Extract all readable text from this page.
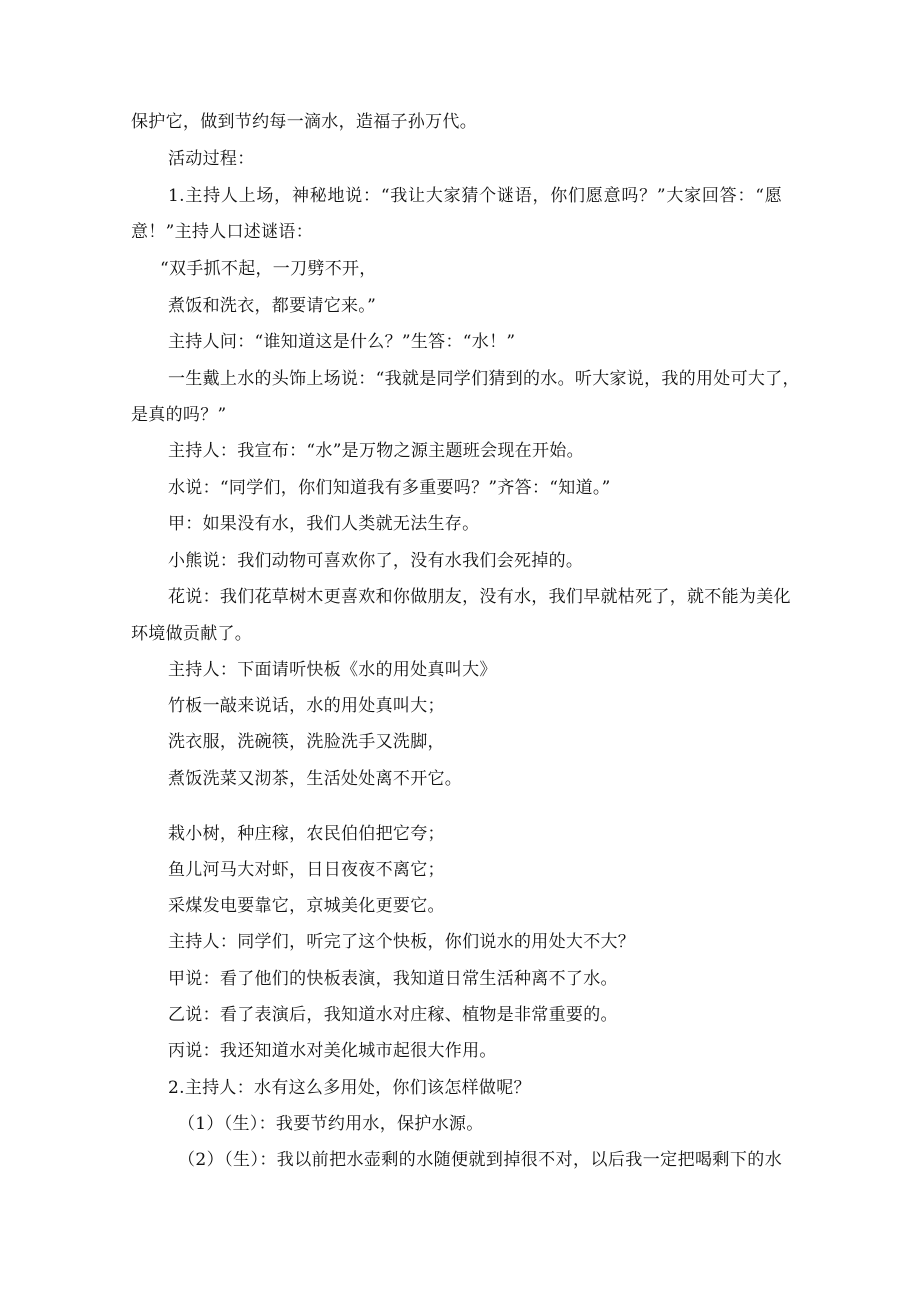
保护它，做到节约每一滴水，造福子孙万代。
活动过程：
1.主持人上场，神秘地说：“我让大家猜个谜语，你们愿意吗？”大家回答：“愿
意！”主持人口述谜语：
“双手抓不起，一刀劈不开，
煮饭和洗衣，都要请它来。”
主持人问：“谁知道这是什么？”生答：“水！”
一生戴上水的头饰上场说：“我就是同学们猜到的水。听大家说，我的用处可大了，
是真的吗？”
主持人：我宣布：“水”是万物之源主题班会现在开始。
水说：“同学们，你们知道我有多重要吗？”齐答：“知道。”
甲：如果没有水，我们人类就无法生存。
小熊说：我们动物可喜欢你了，没有水我们会死掉的。
花说：我们花草树木更喜欢和你做朋友，没有水，我们早就枯死了，就不能为美化
环境做贡献了。
主持人：下面请听快板《水的用处真叫大》
竹板一敲来说话，水的用处真叫大；
洗衣服，洗碗筷，洗脸洗手又洗脚，
煮饭洗菜又沏茶，生活处处离不开它。
栽小树，种庄稼，农民伯伯把它夸；
鱼儿河马大对虾，日日夜夜不离它；
采煤发电要靠它，京城美化更要它。
主持人：同学们，听完了这个快板，你们说水的用处大不大？
甲说：看了他们的快板表演，我知道日常生活种离不了水。
乙说：看了表演后，我知道水对庄稼、植物是非常重要的。
丙说：我还知道水对美化城市起很大作用。
2.主持人：水有这么多用处，你们该怎样做呢？
（1）（生）：我要节约用水，保护水源。
（2）（生）：我以前把水壶剩的水随便就到掉很不对，以后我一定把喝剩下的水
